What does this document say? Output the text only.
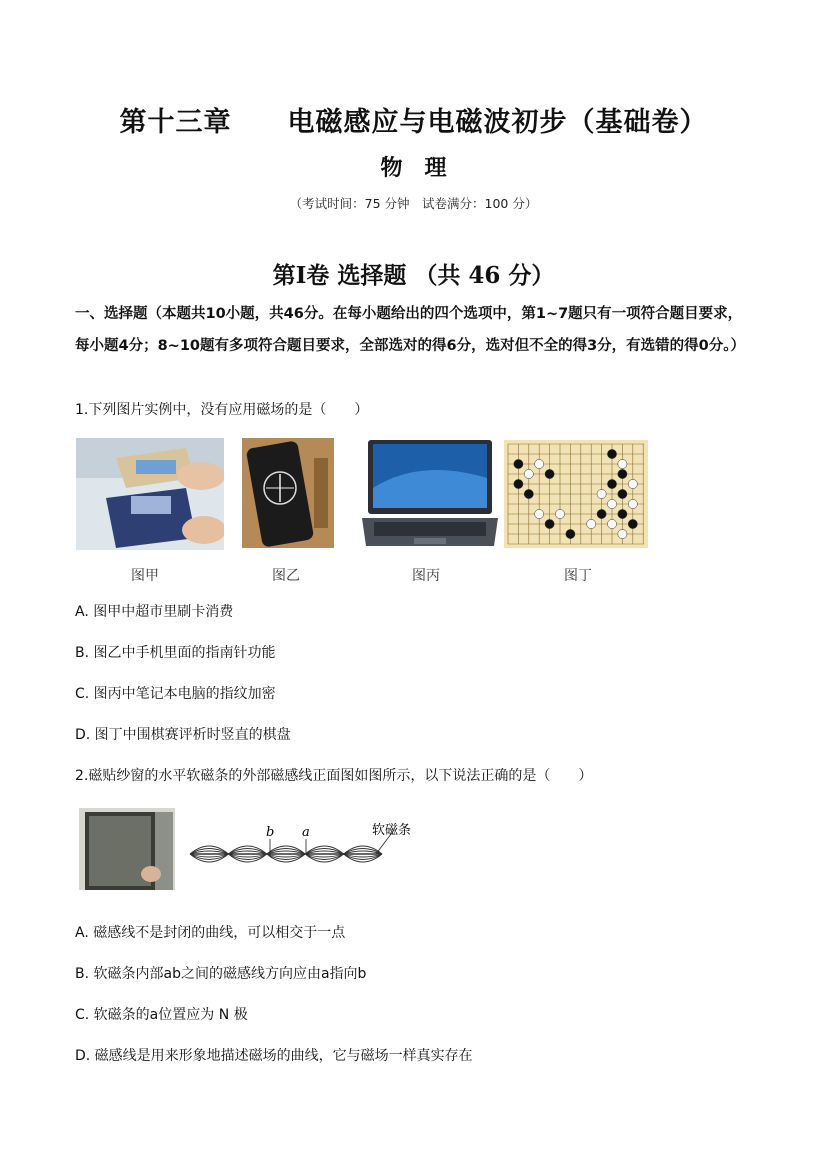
第十三章　　电磁感应与电磁波初步（基础卷）
物　理
（考试时间：75 分钟　试卷满分：100 分）
第Ⅰ卷 选择题 （共 46 分）
一、选择题（本题共10小题，共46分。在每小题给出的四个选项中，第1~7题只有一项符合题目要求，每小题4分；8~10题有多项符合题目要求，全部选对的得6分，选对但不全的得3分，有选错的得0分。）
1.下列图片实例中，没有应用磁场的是（　　）
图甲	图乙	图丙	图丁
A. 图甲中超市里刷卡消费
B. 图乙中手机里面的指南针功能
C. 图丙中笔记本电脑的指纹加密
D. 图丁中围棋赛评析时竖直的棋盘
2.磁贴纱窗的水平软磁条的外部磁感线正面图如图所示，以下说法正确的是（　　）
b a	软磁条
A. 磁感线不是封闭的曲线，可以相交于一点
B. 软磁条内部ab之间的磁感线方向应由a指向b
C. 软磁条的a位置应为 N 极
D. 磁感线是用来形象地描述磁场的曲线，它与磁场一样真实存在
